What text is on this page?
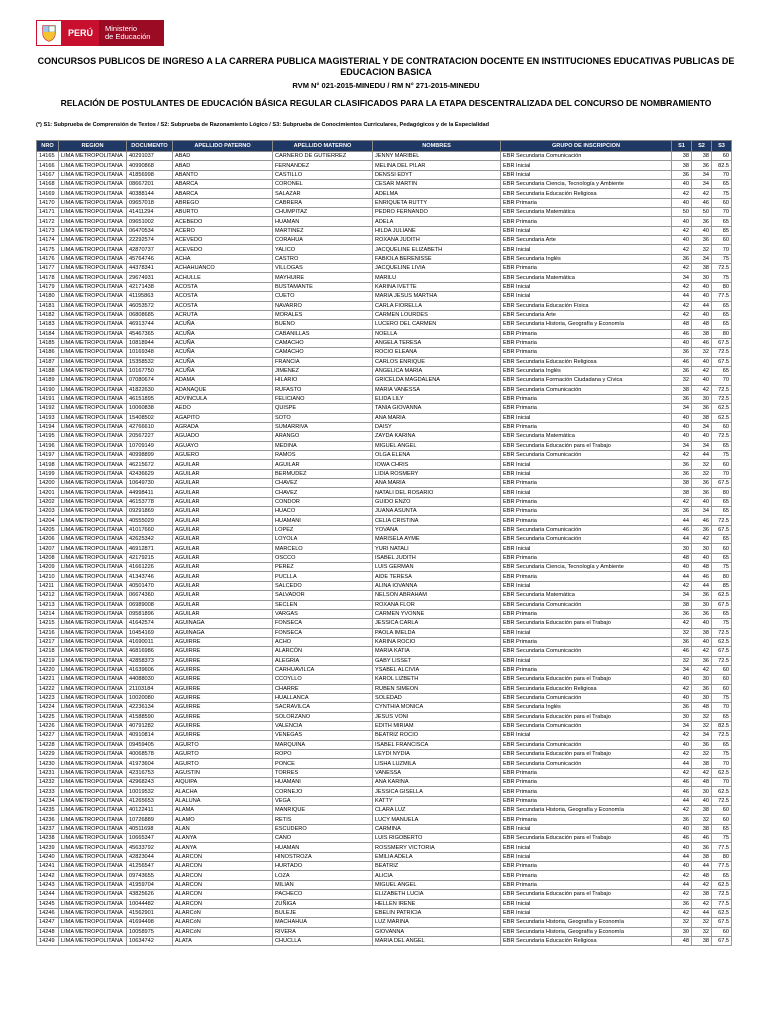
PERÚ	Ministerio
de Educación
CONCURSOS PUBLICOS DE INGRESO A LA CARRERA PUBLICA MAGISTERIAL Y DE CONTRATACION DOCENTE EN INSTITUCIONES EDUCATIVAS PUBLICAS DE EDUCACION BASICA
RVM N° 021-2015-MINEDU / RM N° 271-2015-MINEDU
RELACIÓN DE POSTULANTES DE EDUCACIÓN BÁSICA REGULAR CLASIFICADOS PARA LA ETAPA DESCENTRALIZADA DEL CONCURSO DE NOMBRAMIENTO
(*) S1: Subprueba de Comprensión de Textos / S2: Subprueba de Razonamiento Lógico / S3: Subprueba de Conocimientos Curriculares, Pedagógicos y de la Especialidad
NRO	REGION	DOCUMENTO	APELLIDO PATERNO	APELLIDO MATERNO	NOMBRES	GRUPO DE INSCRIPCION	S1	S2	S3
14165	LIMA METROPOLITANA	40291037	ABAD	CARNERO DE GUTIERREZ	JENNY MARIBEL	EBR Secundaria Comunicación	38	38	60
14166	LIMA METROPOLITANA	40990868	ABAD	FERNANDEZ	MELINA DEL PILAR	EBR Inicial	38	36	82.5
14167	LIMA METROPOLITANA	41856998	ABANTO	CASTILLO	DENSSI EDYT	EBR Inicial	36	34	70
14168	LIMA METROPOLITANA	08667201	ABARCA	CORONEL	CESAR MARTIN	EBR Secundaria Ciencia, Tecnología y Ambiente	40	34	65
14169	LIMA METROPOLITANA	40388144	ABARCA	SALAZAR	ADELMA	EBR Secundaria Educación Religiosa	42	42	75
14170	LIMA METROPOLITANA	09657018	ABREGO	CABRERA	ENRIQUETA RUTTY	EBR Primaria	40	46	60
14171	LIMA METROPOLITANA	41411294	ABURTO	CHUMPITAZ	PEDRO FERNANDO	EBR Secundaria Matemática	50	50	70
14172	LIMA METROPOLITANA	09651002	ACEBEDO	HUAMAN	ADELA	EBR Primaria	40	36	65
14173	LIMA METROPOLITANA	06470534	ACERO	MARTINEZ	HILDA JULIANE	EBR Inicial	42	40	85
14174	LIMA METROPOLITANA	22292574	ACEVEDO	CORAHUA	ROXANA JUDITH	EBR Secundaria Arte	40	36	60
14175	LIMA METROPOLITANA	42870737	ACEVEDO	YALICO	JACQUELINE ELIZABETH	EBR Inicial	42	32	70
14176	LIMA METROPOLITANA	45764746	ACHA	CASTRO	FABIOLA BERENISSE	EBR Secundaria Inglés	36	34	75
14177	LIMA METROPOLITANA	44378341	ACHAHUANCO	VILLOGAS	JACQUELINE LIVIA	EBR Primaria	42	38	72.5
14178	LIMA METROPOLITANA	29674931	ACHULLE	MAYHUIRE	MARILU	EBR Secundaria Matemática	34	30	75
14179	LIMA METROPOLITANA	42171438	ACOSTA	BUSTAMANTE	KARINA IVETTE	EBR Inicial	42	40	80
14180	LIMA METROPOLITANA	41195863	ACOSTA	CUETO	MARIA JESUS MARTHA	EBR Inicial	44	40	77.5
14181	LIMA METROPOLITANA	46053572	ACOSTA	NAVARRO	CARLA FIORELLA	EBR Secundaria Educación Física	42	44	65
14182	LIMA METROPOLITANA	06808685	ACRUTA	MORALES	CARMEN LOURDES	EBR Secundaria Arte	42	40	65
14183	LIMA METROPOLITANA	46913744	ACUÑA	BUENO	LUCERO DEL CARMEN	EBR Secundaria Historia, Geografía y Economía	48	48	65
14184	LIMA METROPOLITANA	45467365	ACUÑA	CABANILLAS	NOELLA	EBR Primaria	46	38	80
14185	LIMA METROPOLITANA	10818944	ACUÑA	CAMACHO	ANGELA TERESA	EBR Primaria	40	46	67.5
14186	LIMA METROPOLITANA	10169348	ACUÑA	CAMACHO	ROCIO ELEANA	EBR Primaria	36	32	72.5
14187	LIMA METROPOLITANA	15358532	ACUÑA	FRANCIA	CARLOS ENRIQUE	EBR Secundaria Educación Religiosa	46	40	67.5
14188	LIMA METROPOLITANA	10167750	ACUÑA	JIMENEZ	ANGELICA MARIA	EBR Secundaria Inglés	36	42	65
14189	LIMA METROPOLITANA	07080674	ADAMA	HILARIO	GRICELDA MAGDALENA	EBR Secundaria Formación Ciudadana y Cívica	32	40	70
14190	LIMA METROPOLITANA	41822630	ADANAQUE	RUFASTO	MARIA VANESSA	EBR Secundaria Comunicación	38	42	72.5
14191	LIMA METROPOLITANA	46151895	ADVINCULA	FELICIANO	ELIDA LILY	EBR Primaria	36	30	72.5
14192	LIMA METROPOLITANA	10060838	AEDO	QUISPE	TANIA GIOVANNA	EBR Primaria	34	36	62.5
14193	LIMA METROPOLITANA	15408502	AGAPITO	SOTO	ANA MARIA	EBR Inicial	40	38	62.5
14194	LIMA METROPOLITANA	42766610	AGRADA	SUMARRIVA	DAISY	EBR Primaria	40	34	60
14195	LIMA METROPOLITANA	20567227	AGUADO	ARANGO	ZAYDA KARINA	EBR Secundaria Matemática	40	40	72.5
14196	LIMA METROPOLITANA	10709149	AGUAYO	MEDINA	MIGUEL ANGEL	EBR Secundaria Educación para el Trabajo	34	34	65
14197	LIMA METROPOLITANA	40998899	AGUERO	RAMOS	OLGA ELENA	EBR Secundaria Comunicación	42	44	75
14198	LIMA METROPOLITANA	46215672	AGUILAR	AGUILAR	IOWA CHRIS	EBR Inicial	36	32	60
14199	LIMA METROPOLITANA	42436629	AGUILAR	BERMUDEZ	LIDIA ROSMERY	EBR Inicial	36	32	70
14200	LIMA METROPOLITANA	10649730	AGUILAR	CHAVEZ	ANA MARIA	EBR Primaria	38	36	67.5
14201	LIMA METROPOLITANA	44998411	AGUILAR	CHAVEZ	NATALI DEL ROSARIO	EBR Inicial	38	36	80
14202	LIMA METROPOLITANA	46153778	AGUILAR	CONDOR	GUIDO ENZO	EBR Primaria	42	40	65
14203	LIMA METROPOLITANA	09291869	AGUILAR	HUACO	JUANA ASUNTA	EBR Primaria	36	34	65
14204	LIMA METROPOLITANA	40555029	AGUILAR	HUAMANI	CELIA CRISTINA	EBR Primaria	44	46	72.5
14205	LIMA METROPOLITANA	41017660	AGUILAR	LOPEZ	YOVANA	EBR Secundaria Comunicación	46	36	67.5
14206	LIMA METROPOLITANA	42625342	AGUILAR	LOYOLA	MARISELA AYME	EBR Secundaria Comunicación	44	42	65
14207	LIMA METROPOLITANA	46912871	AGUILAR	MARCELO	YURI NATALI	EBR Inicial	30	30	60
14208	LIMA METROPOLITANA	42179215	AGUILAR	OSCCO	ISABEL JUDITH	EBR Primaria	48	40	65
14209	LIMA METROPOLITANA	41661226	AGUILAR	PEREZ	LUIS GERMAN	EBR Secundaria Ciencia, Tecnología y Ambiente	40	48	75
14210	LIMA METROPOLITANA	41343746	AGUILAR	PUCLLA	AIDE TERESA	EBR Primaria	44	46	80
14211	LIMA METROPOLITANA	40501470	AGUILAR	SALCEDO	ALINA IOVANNA	EBR Inicial	42	44	85
14212	LIMA METROPOLITANA	06674360	AGUILAR	SALVADOR	NELSON ABRAHAM	EBR Secundaria Matemática	34	36	62.5
14213	LIMA METROPOLITANA	06989008	AGUILAR	SECLEN	ROXANA FLOR	EBR Secundaria Comunicación	38	30	67.5
14214	LIMA METROPOLITANA	09581896	AGUILAR	VARGAS	CARMEN YVONNE	EBR Primaria	36	36	65
14215	LIMA METROPOLITANA	41642574	AGUINAGA	FONSECA	JESSICA CARLA	EBR Secundaria Educación para el Trabajo	42	40	75
14216	LIMA METROPOLITANA	10454169	AGUINAGA	FONSECA	PAOLA IMELDA	EBR Inicial	32	38	72.5
14217	LIMA METROPOLITANA	41690011	AGUIRRE	ACHO	KARINA ROCIO	EBR Primaria	36	40	62.5
14218	LIMA METROPOLITANA	46816986	AGUIRRE	ALARCÓN	MARIA KATIA	EBR Secundaria Comunicación	46	42	67.5
14219	LIMA METROPOLITANA	42858373	AGUIRRE	ALEGRIA	GABY LISSET	EBR Inicial	32	36	72.5
14220	LIMA METROPOLITANA	41639606	AGUIRRE	CARHUAVILCA	YSABEL ALCIVIA	EBR Primaria	34	42	60
14221	LIMA METROPOLITANA	44088030	AGUIRRE	CCOYLLO	KAROL LIZBETH	EBR Secundaria Educación para el Trabajo	40	30	60
14222	LIMA METROPOLITANA	21103184	AGUIRRE	CHARRE	RUBEN SIMEON	EBR Secundaria Educación Religiosa	42	36	60
14223	LIMA METROPOLITANA	10020080	AGUIRRE	HUALLANCA	SOLEDAD	EBR Secundaria Comunicación	40	30	75
14224	LIMA METROPOLITANA	42236134	AGUIRRE	SACRAVILCA	CYNTHIA MONICA	EBR Secundaria Inglés	36	48	70
14225	LIMA METROPOLITANA	41588590	AGUIRRE	SOLORZANO	JESUS VONI	EBR Secundaria Educación para el Trabajo	30	32	65
14226	LIMA METROPOLITANA	40791282	AGUIRRE	VALENCIA	EDITH MIRIAM	EBR Secundaria Comunicación	34	32	82.5
14227	LIMA METROPOLITANA	40910814	AGUIRRE	VENEGAS	BEATRIZ ROCIO	EBR Inicial	42	34	72.5
14228	LIMA METROPOLITANA	09459405	AGURTO	MARQUINA	ISABEL FRANCISCA	EBR Secundaria Comunicación	40	36	65
14229	LIMA METROPOLITANA	40068578	AGURTO	ROPO	LEYDI NYDIA	EBR Secundaria Educación para el Trabajo	42	32	75
14230	LIMA METROPOLITANA	41973604	AGURTO	PONCE	LISHA LUZMILA	EBR Secundaria Comunicación	44	38	70
14231	LIMA METROPOLITANA	42316753	AGUSTIN	TORRES	VANESSA	EBR Primaria	42	42	62.5
14232	LIMA METROPOLITANA	42968243	AIQUIPA	HUAMANI	ANA KARINA	EBR Primaria	46	48	70
14233	LIMA METROPOLITANA	10019532	ALACHA	CORNEJO	JESSICA GISELLA	EBR Primaria	46	30	62.5
14234	LIMA METROPOLITANA	41265653	ALALUNA	VEGA	KATTY	EBR Primaria	44	40	72.5
14235	LIMA METROPOLITANA	40122411	ALAMA	MANRIQUE	CLARA LUZ	EBR Secundaria Historia, Geografía y Economía	42	38	60
14236	LIMA METROPOLITANA	10726889	ALAMO	RETIS	LUCY MANUELA	EBR Primaria	36	32	60
14237	LIMA METROPOLITANA	40511698	ALAN	ESCUDERO	CARMINA	EBR Inicial	40	38	65
14238	LIMA METROPOLITANA	10665347	ALANYA	CANO	LUIS RIGOBERTO	EBR Secundaria Educación para el Trabajo	46	46	75
14239	LIMA METROPOLITANA	45633792	ALANYA	HUAMAN	ROSSMERY VICTORIA	EBR Inicial	40	36	77.5
14240	LIMA METROPOLITANA	42823044	ALARCON	HINOSTROZA	EMILIA ADELA	EBR Inicial	44	38	80
14241	LIMA METROPOLITANA	41256547	ALARCON	HURTADO	BEATRIZ	EBR Primaria	40	44	77.5
14242	LIMA METROPOLITANA	09743655	ALARCON	LOZA	ALICIA	EBR Primaria	42	48	65
14243	LIMA METROPOLITANA	41959704	ALARCON	MILIAN	MIGUEL ANGEL	EBR Primaria	44	42	62.5
14244	LIMA METROPOLITANA	43825626	ALARCON	PACHECO	ELIZABETH LUCIA	EBR Secundaria Educación para el Trabajo	42	38	72.5
14245	LIMA METROPOLITANA	10044482	ALARCON	ZUÑIGA	HELLEN IRENE	EBR Inicial	36	42	77.5
14246	LIMA METROPOLITANA	41562901	ALARCóN	BULEJE	EBELIN PATRICIA	EBR Inicial	42	44	62.5
14247	LIMA METROPOLITANA	41694498	ALARCóN	MACHAHUA	LUZ MARINA	EBR Secundaria Historia, Geografía y Economía	32	32	67.5
14248	LIMA METROPOLITANA	10058975	ALARCóN	RIVERA	GIOVANNA	EBR Secundaria Historia, Geografía y Economía	30	32	60
14249	LIMA METROPOLITANA	10634742	ALATA	CHUCLLA	MARIA DEL ANGEL	EBR Secundaria Educación Religiosa	48	38	67.5
